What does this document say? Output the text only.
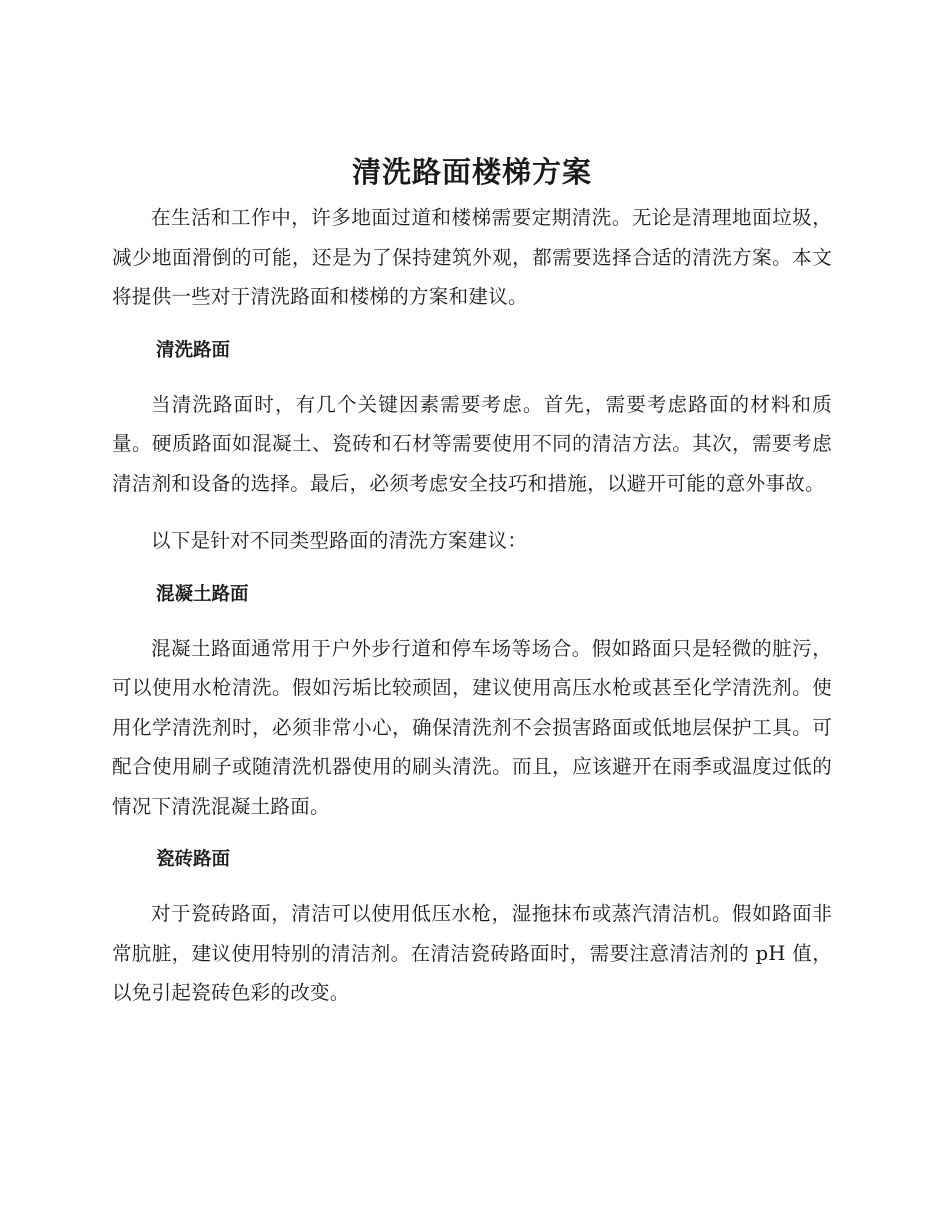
清洗路面楼梯方案

在生活和工作中，许多地面过道和楼梯需要定期清洗。无论是清理地面垃圾，减少地面滑倒的可能，还是为了保持建筑外观，都需要选择合适的清洗方案。本文将提供一些对于清洗路面和楼梯的方案和建议。

清洗路面

当清洗路面时，有几个关键因素需要考虑。首先，需要考虑路面的材料和质量。硬质路面如混凝土、瓷砖和石材等需要使用不同的清洁方法。其次，需要考虑清洁剂和设备的选择。最后，必须考虑安全技巧和措施，以避开可能的意外事故。

以下是针对不同类型路面的清洗方案建议：

混凝土路面

混凝土路面通常用于户外步行道和停车场等场合。假如路面只是轻微的脏污，可以使用水枪清洗。假如污垢比较顽固，建议使用高压水枪或甚至化学清洗剂。使用化学清洗剂时，必须非常小心，确保清洗剂不会损害路面或低地层保护工具。可配合使用刷子或随清洗机器使用的刷头清洗。而且，应该避开在雨季或温度过低的情况下清洗混凝土路面。

瓷砖路面

对于瓷砖路面，清洁可以使用低压水枪，湿拖抹布或蒸汽清洁机。假如路面非常肮脏，建议使用特别的清洁剂。在清洁瓷砖路面时，需要注意清洁剂的 pH 值，以免引起瓷砖色彩的改变。
